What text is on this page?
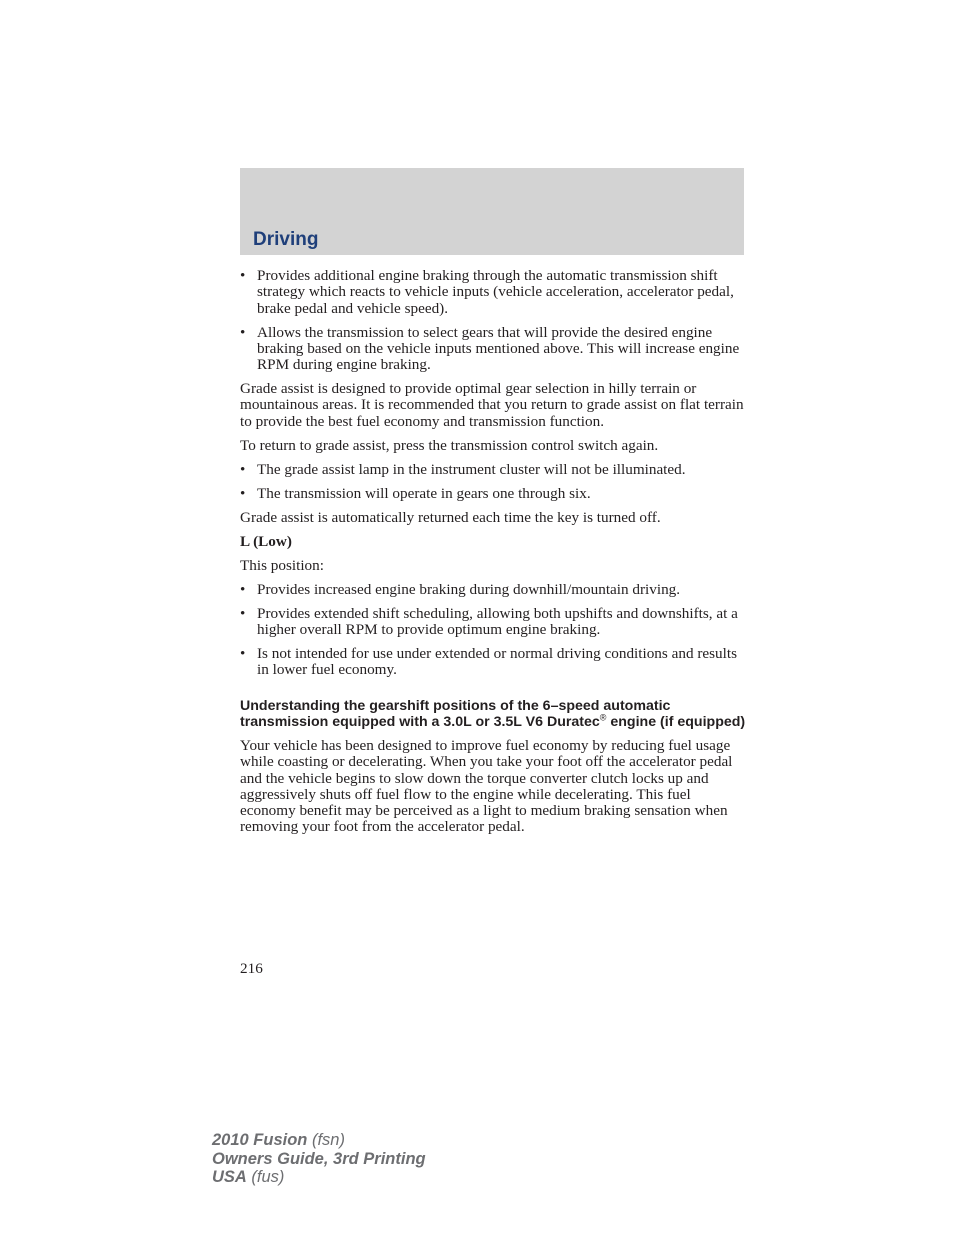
Driving
• Provides additional engine braking through the automatic transmission shift strategy which reacts to vehicle inputs (vehicle acceleration, accelerator pedal, brake pedal and vehicle speed).
• Allows the transmission to select gears that will provide the desired engine braking based on the vehicle inputs mentioned above. This will increase engine RPM during engine braking.

Grade assist is designed to provide optimal gear selection in hilly terrain or mountainous areas. It is recommended that you return to grade assist on flat terrain to provide the best fuel economy and transmission function.

To return to grade assist, press the transmission control switch again.

• The grade assist lamp in the instrument cluster will not be illuminated.
• The transmission will operate in gears one through six.

Grade assist is automatically returned each time the key is turned off.

L (Low)

This position:

• Provides increased engine braking during downhill/mountain driving.
• Provides extended shift scheduling, allowing both upshifts and downshifts, at a higher overall RPM to provide optimum engine braking.
• Is not intended for use under extended or normal driving conditions and results in lower fuel economy.
Understanding the gearshift positions of the 6–speed automatic transmission equipped with a 3.0L or 3.5L V6 Duratec® engine (if equipped)

Your vehicle has been designed to improve fuel economy by reducing fuel usage while coasting or decelerating. When you take your foot off the accelerator pedal and the vehicle begins to slow down the torque converter clutch locks up and aggressively shuts off fuel flow to the engine while decelerating. This fuel economy benefit may be perceived as a light to medium braking sensation when removing your foot from the accelerator pedal.

216
2010 Fusion (fsn)
Owners Guide, 3rd Printing
USA (fus)
